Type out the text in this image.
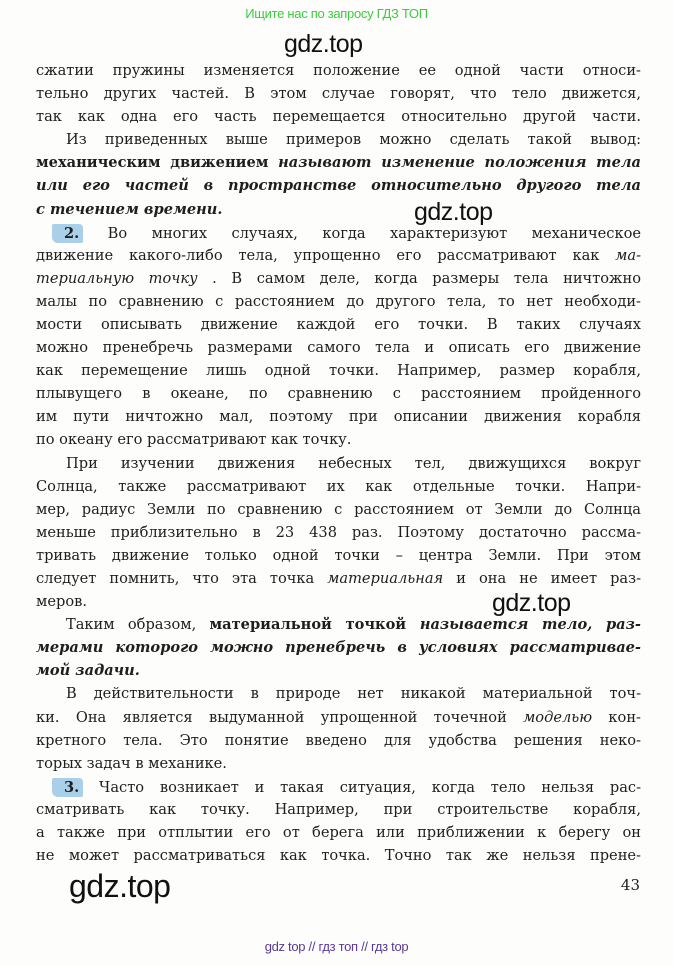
Ищите нас по запросу ГДЗ ТОП
gdz.top
gdz.top
gdz.top
gdz.top
сжатии пружины изменяется положение ее одной части относи-
тельно других частей. В этом случае говорят, что тело движется,
так как одна его часть перемещается относительно другой части.
Из приведенных выше примеров можно сделать такой вывод:
механическим движением называют изменение положения тела
или его частей в пространстве относительно другого тела
с течением времени.
2. Во многих случаях, когда характеризуют механическое
движение какого-либо тела, упрощенно его рассматривают как ма-
териальную точку . В самом деле, когда размеры тела ничтожно
малы по сравнению с расстоянием до другого тела, то нет необходи-
мости описывать движение каждой его точки. В таких случаях
можно пренебречь размерами самого тела и описать его движение
как перемещение лишь одной точки. Например, размер корабля,
плывущего в океане, по сравнению с расстоянием пройденного
им пути ничтожно мал, поэтому при описании движения корабля
по океану его рассматривают как точку.
При изучении движения небесных тел, движущихся вокруг
Солнца, также рассматривают их как отдельные точки. Напри-
мер, радиус Земли по сравнению с расстоянием от Земли до Солнца
меньше приблизительно в 23 438 раз. Поэтому достаточно рассма-
тривать движение только одной точки – центра Земли. При этом
следует помнить, что эта точка материальная и она не имеет раз-
меров.
Таким образом, материальной точкой называется тело, раз-
мерами которого можно пренебречь в условиях рассматривае-
мой задачи.
В действительности в природе нет никакой материальной точ-
ки. Она является выдуманной упрощенной точечной моделью кон-
кретного тела. Это понятие введено для удобства решения неко-
торых задач в механике.
3. Часто возникает и такая ситуация, когда тело нельзя рас-
сматривать как точку. Например, при строительстве корабля,
а также при отплытии его от берега или приближении к берегу он
не может рассматриваться как точка. Точно так же нельзя прене-
43
gdz top // гдз топ // гдз top
